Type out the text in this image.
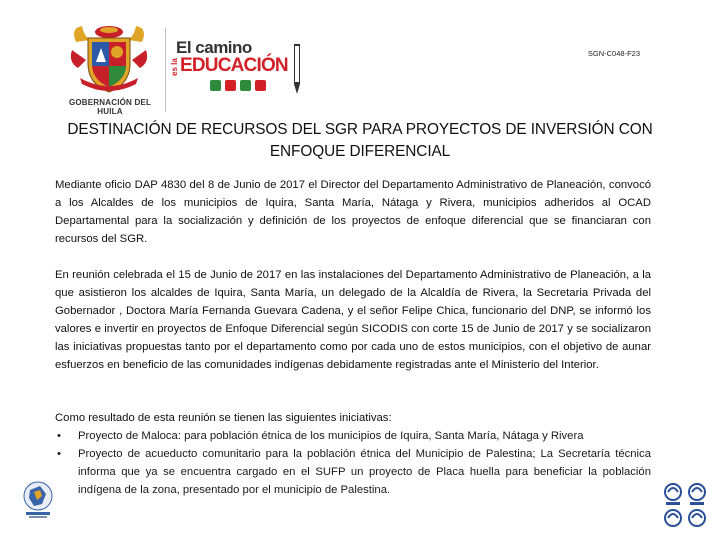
GOBERNACIÓN DEL HUILA
El camino
es la EDUCACIÓN
SGN-C048-F23
DESTINACIÓN DE RECURSOS DEL SGR PARA PROYECTOS DE INVERSIÓN CON ENFOQUE DIFERENCIAL

Mediante oficio DAP 4830 del 8 de Junio de 2017 el Director del Departamento Administrativo de Planeación, convocó a los Alcaldes de los municipios de Iquira, Santa María, Nátaga y Rivera, municipios adheridos al OCAD Departamental para la socialización y definición de los proyectos de enfoque diferencial que se financiaran con recursos del SGR.

En reunión celebrada el 15 de Junio de 2017 en las instalaciones del Departamento Administrativo de Planeación, a la que asistieron los alcaldes de Iquira, Santa María, un delegado de la Alcaldía de Rivera, la Secretaria Privada del Gobernador , Doctora María Fernanda Guevara Cadena, y el señor Felipe Chica, funcionario del DNP, se informó los valores e invertir en proyectos de Enfoque Diferencial según SICODIS con corte 15 de Junio de 2017 y se socializaron las iniciativas propuestas tanto por el departamento como por cada uno de estos municipios, con el objetivo de aunar esfuerzos en beneficio de las comunidades indígenas debidamente registradas ante el Ministerio del Interior.

Como resultado de esta reunión se tienen las siguientes iniciativas:

• Proyecto de Maloca: para población étnica de los municipios de Iquira, Santa María, Nátaga y Rivera
• Proyecto de acueducto comunitario para la población étnica del Municipio de Palestina; La Secretaría técnica informa que ya se encuentra cargado en el SUFP un proyecto de Placa huella para beneficiar la población indígena de la zona, presentado por el municipio de Palestina.
